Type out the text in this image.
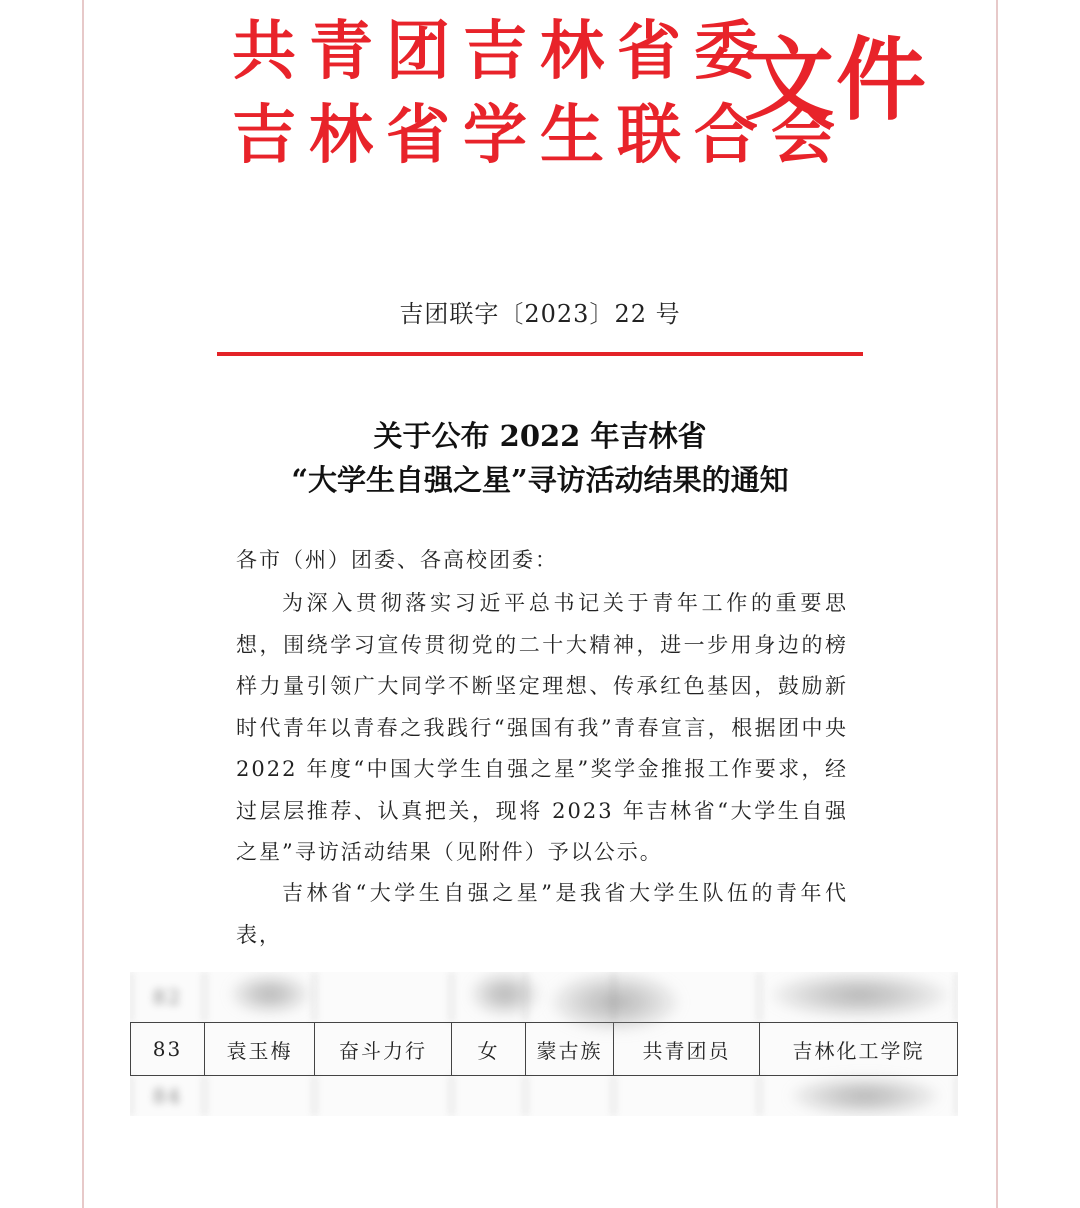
共青团吉林省委
吉林省学生联合会
文件
吉团联字〔2023〕22 号
关于公布 2022 年吉林省
“大学生自强之星”寻访活动结果的通知
各市（州）团委、各高校团委：

为深入贯彻落实习近平总书记关于青年工作的重要思想，围绕学习宣传贯彻党的二十大精神，进一步用身边的榜样力量引领广大同学不断坚定理想、传承红色基因，鼓励新时代青年以青春之我践行“强国有我”青春宣言，根据团中央 2022 年度“中国大学生自强之星”奖学金推报工作要求，经过层层推荐、认真把关，现将 2023 年吉林省“大学生自强之星”寻访活动结果（见附件）予以公示。

吉林省“大学生自强之星”是我省大学生队伍的青年代表，

82
83	袁玉梅	奋斗力行	女	蒙古族	共青团员	吉林化工学院
84
